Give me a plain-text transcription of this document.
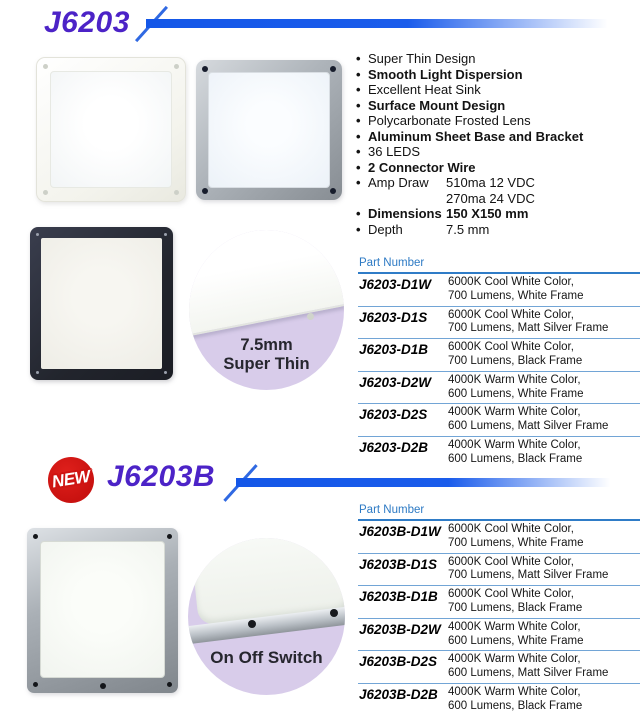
J6203
• Super Thin Design
• Smooth Light Dispersion
• Excellent Heat Sink
• Surface Mount Design
• Polycarbonate Frosted Lens
• Aluminum Sheet Base and Bracket
• 36 LEDS
• 2 Connector Wire
• Amp Draw	510ma 12 VDC
270ma 24 VDC
• Dimensions 150 X150 mm
• Depth	7.5 mm
7.5mm
Super Thin
Part Number
J6203-D1W	6000K Cool White Color,
700 Lumens, White Frame
J6203-D1S	6000K Cool White Color,
700 Lumens, Matt Silver Frame
J6203-D1B	6000K Cool White Color,
700 Lumens, Black Frame
J6203-D2W	4000K Warm White Color,
600 Lumens, White Frame
J6203-D2S	4000K Warm White Color,
600 Lumens, Matt Silver Frame
J6203-D2B	4000K Warm White Color,
600 Lumens, Black Frame
NEW J6203B
On Off Switch
Part Number
J6203B-D1W 6000K Cool White Color,
700 Lumens, White Frame
J6203B-D1S 6000K Cool White Color,
700 Lumens, Matt Silver Frame
J6203B-D1B 6000K Cool White Color,
700 Lumens, Black Frame
J6203B-D2W 4000K Warm White Color,
600 Lumens, White Frame
J6203B-D2S 4000K Warm White Color,
600 Lumens, Matt Silver Frame
J6203B-D2B 4000K Warm White Color,
600 Lumens, Black Frame
